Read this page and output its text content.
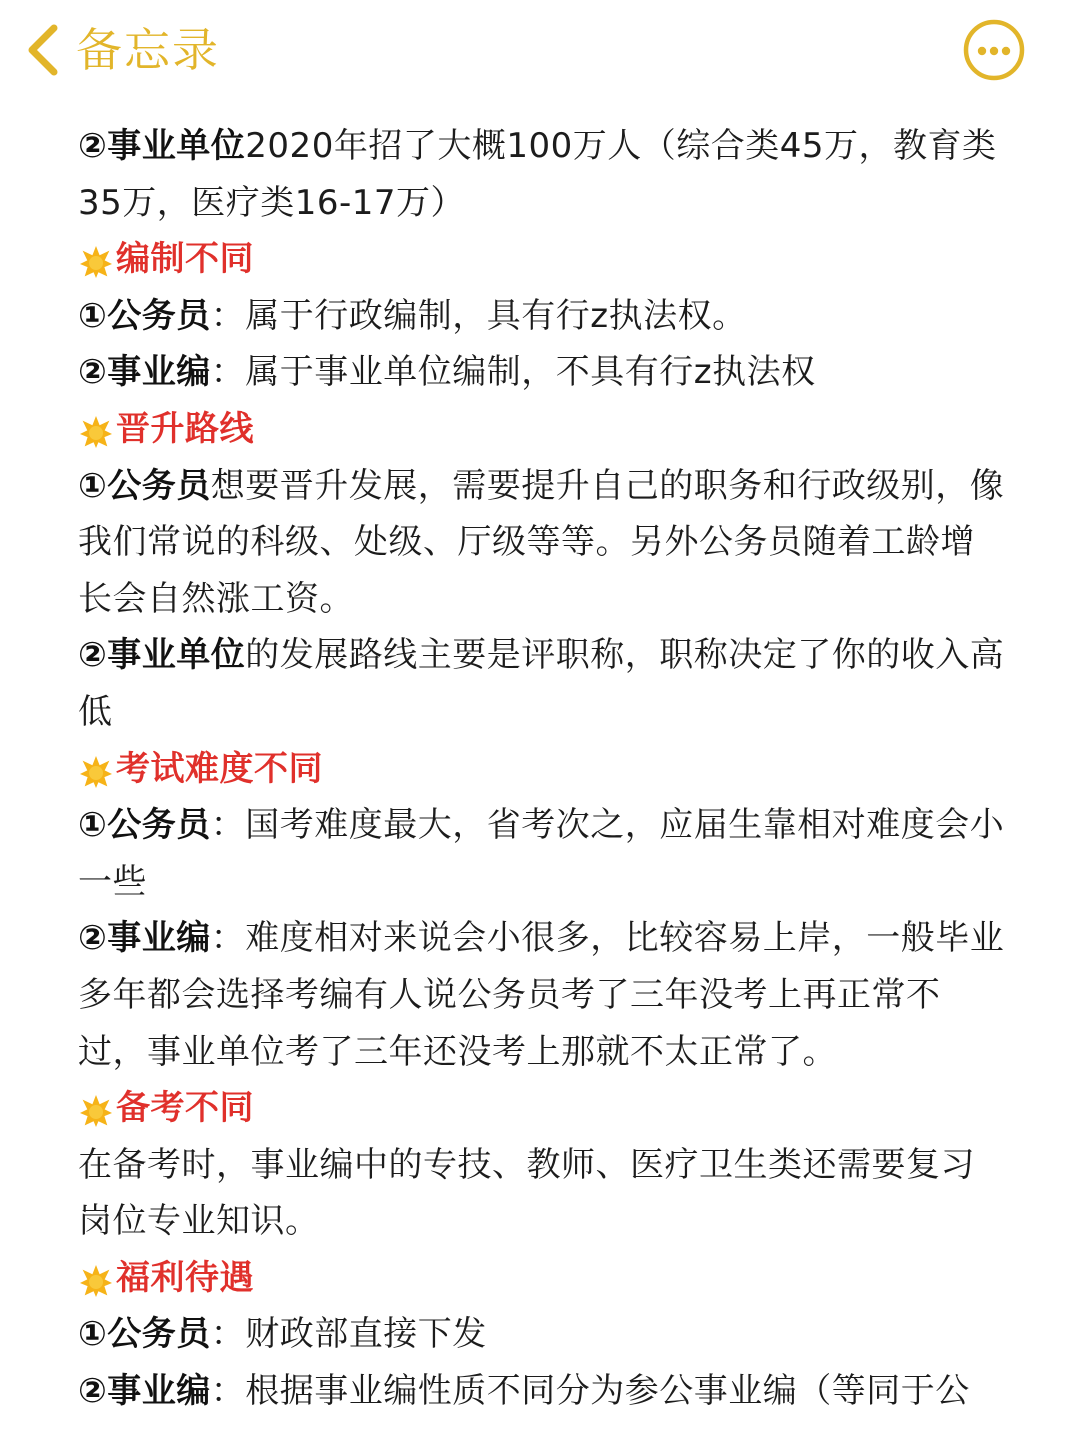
备忘录

②事业单位2020年招了大概100万人（综合类45万，教育类35万，医疗类16-17万）

编制不同

①公务员：属于行政编制，具有行z执法权。

②事业编：属于事业单位编制，不具有行z执法权

晋升路线

①公务员想要晋升发展，需要提升自己的职务和行政级别，像我们常说的科级、处级、厅级等等。另外公务员随着工龄增长会自然涨工资。

②事业单位的发展路线主要是评职称，职称决定了你的收入高低

考试难度不同

①公务员：国考难度最大，省考次之，应届生靠相对难度会小一些

②事业编：难度相对来说会小很多，比较容易上岸，一般毕业多年都会选择考编有人说公务员考了三年没考上再正常不过，事业单位考了三年还没考上那就不太正常了。

备考不同

在备考时，事业编中的专技、教师、医疗卫生类还需要复习岗位专业知识。

福利待遇

①公务员：财政部直接下发

②事业编：根据事业编性质不同分为参公事业编（等同于公
